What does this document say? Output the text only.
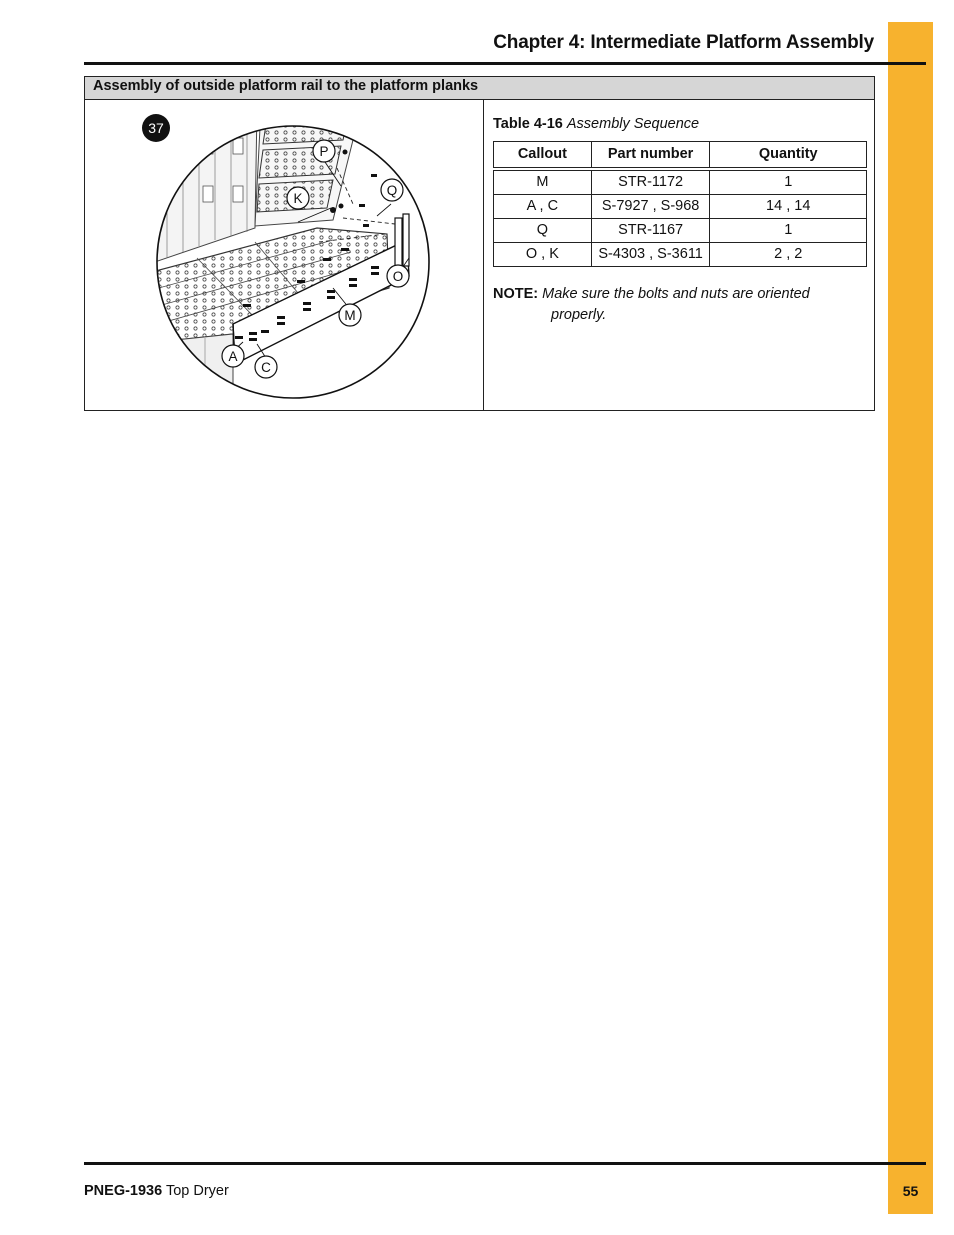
Chapter 4: Intermediate Platform Assembly
Assembly of outside platform rail to the platform planks
37
P
K
Q
O
M
A
C
Table 4-16 Assembly Sequence
Callout	Part number	Quantity
M	STR-1172	1
A , C	S-7927 , S-968	14 , 14
Q	STR-1167	1
O , K	S-4303 , S-3611	2 , 2
NOTE: Make sure the bolts and nuts are oriented
properly.
PNEG-1936 Top Dryer	55
